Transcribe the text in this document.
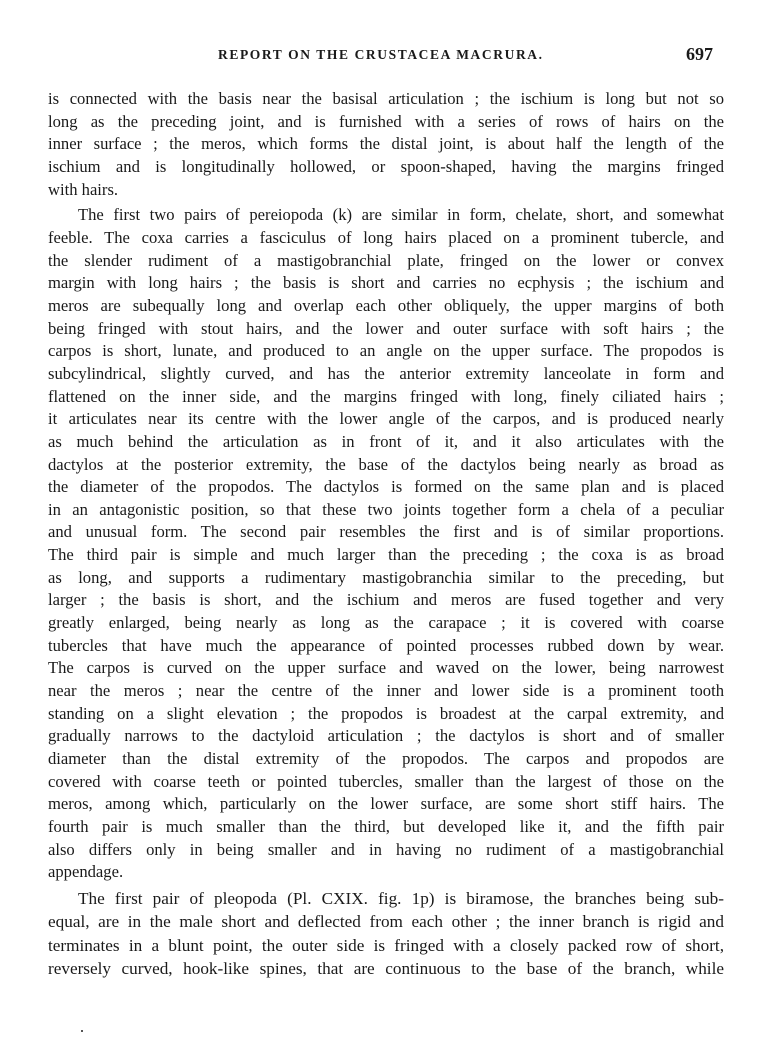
REPORT ON THE CRUSTACEA MACRURA.	697

is connected with the basis near the basisal articulation ; the ischium is long but not so
long as the preceding joint, and is furnished with a series of rows of hairs on the
inner surface ; the meros, which forms the distal joint, is about half the length of the
ischium and is longitudinally hollowed, or spoon-shaped, having the margins fringed
with hairs.

The first two pairs of pereiopoda (k) are similar in form, chelate, short, and somewhat
feeble. The coxa carries a fasciculus of long hairs placed on a prominent tubercle, and
the slender rudiment of a mastigobranchial plate, fringed on the lower or convex
margin with long hairs ; the basis is short and carries no ecphysis ; the ischium and
meros are subequally long and overlap each other obliquely, the upper margins of both
being fringed with stout hairs, and the lower and outer surface with soft hairs ; the
carpos is short, lunate, and produced to an angle on the upper surface. The propodos is
subcylindrical, slightly curved, and has the anterior extremity lanceolate in form and
flattened on the inner side, and the margins fringed with long, finely ciliated hairs ;
it articulates near its centre with the lower angle of the carpos, and is produced nearly
as much behind the articulation as in front of it, and it also articulates with the
dactylos at the posterior extremity, the base of the dactylos being nearly as broad as
the diameter of the propodos. The dactylos is formed on the same plan and is placed
in an antagonistic position, so that these two joints together form a chela of a peculiar
and unusual form. The second pair resembles the first and is of similar proportions.
The third pair is simple and much larger than the preceding ; the coxa is as broad
as long, and supports a rudimentary mastigobranchia similar to the preceding, but
larger ; the basis is short, and the ischium and meros are fused together and very
greatly enlarged, being nearly as long as the carapace ; it is covered with coarse
tubercles that have much the appearance of pointed processes rubbed down by wear.
The carpos is curved on the upper surface and waved on the lower, being narrowest
near the meros ; near the centre of the inner and lower side is a prominent tooth
standing on a slight elevation ; the propodos is broadest at the carpal extremity, and
gradually narrows to the dactyloid articulation ; the dactylos is short and of smaller
diameter than the distal extremity of the propodos. The carpos and propodos are
covered with coarse teeth or pointed tubercles, smaller than the largest of those on the
meros, among which, particularly on the lower surface, are some short stiff hairs. The
fourth pair is much smaller than the third, but developed like it, and the fifth pair
also differs only in being smaller and in having no rudiment of a mastigobranchial
appendage.

The first pair of pleopoda (Pl. CXIX. fig. 1p) is biramose, the branches being sub-
equal, are in the male short and deflected from each other ; the inner branch is rigid and
terminates in a blunt point, the outer side is fringed with a closely packed row of short,
reversely curved, hook-like spines, that are continuous to the base of the branch, while
